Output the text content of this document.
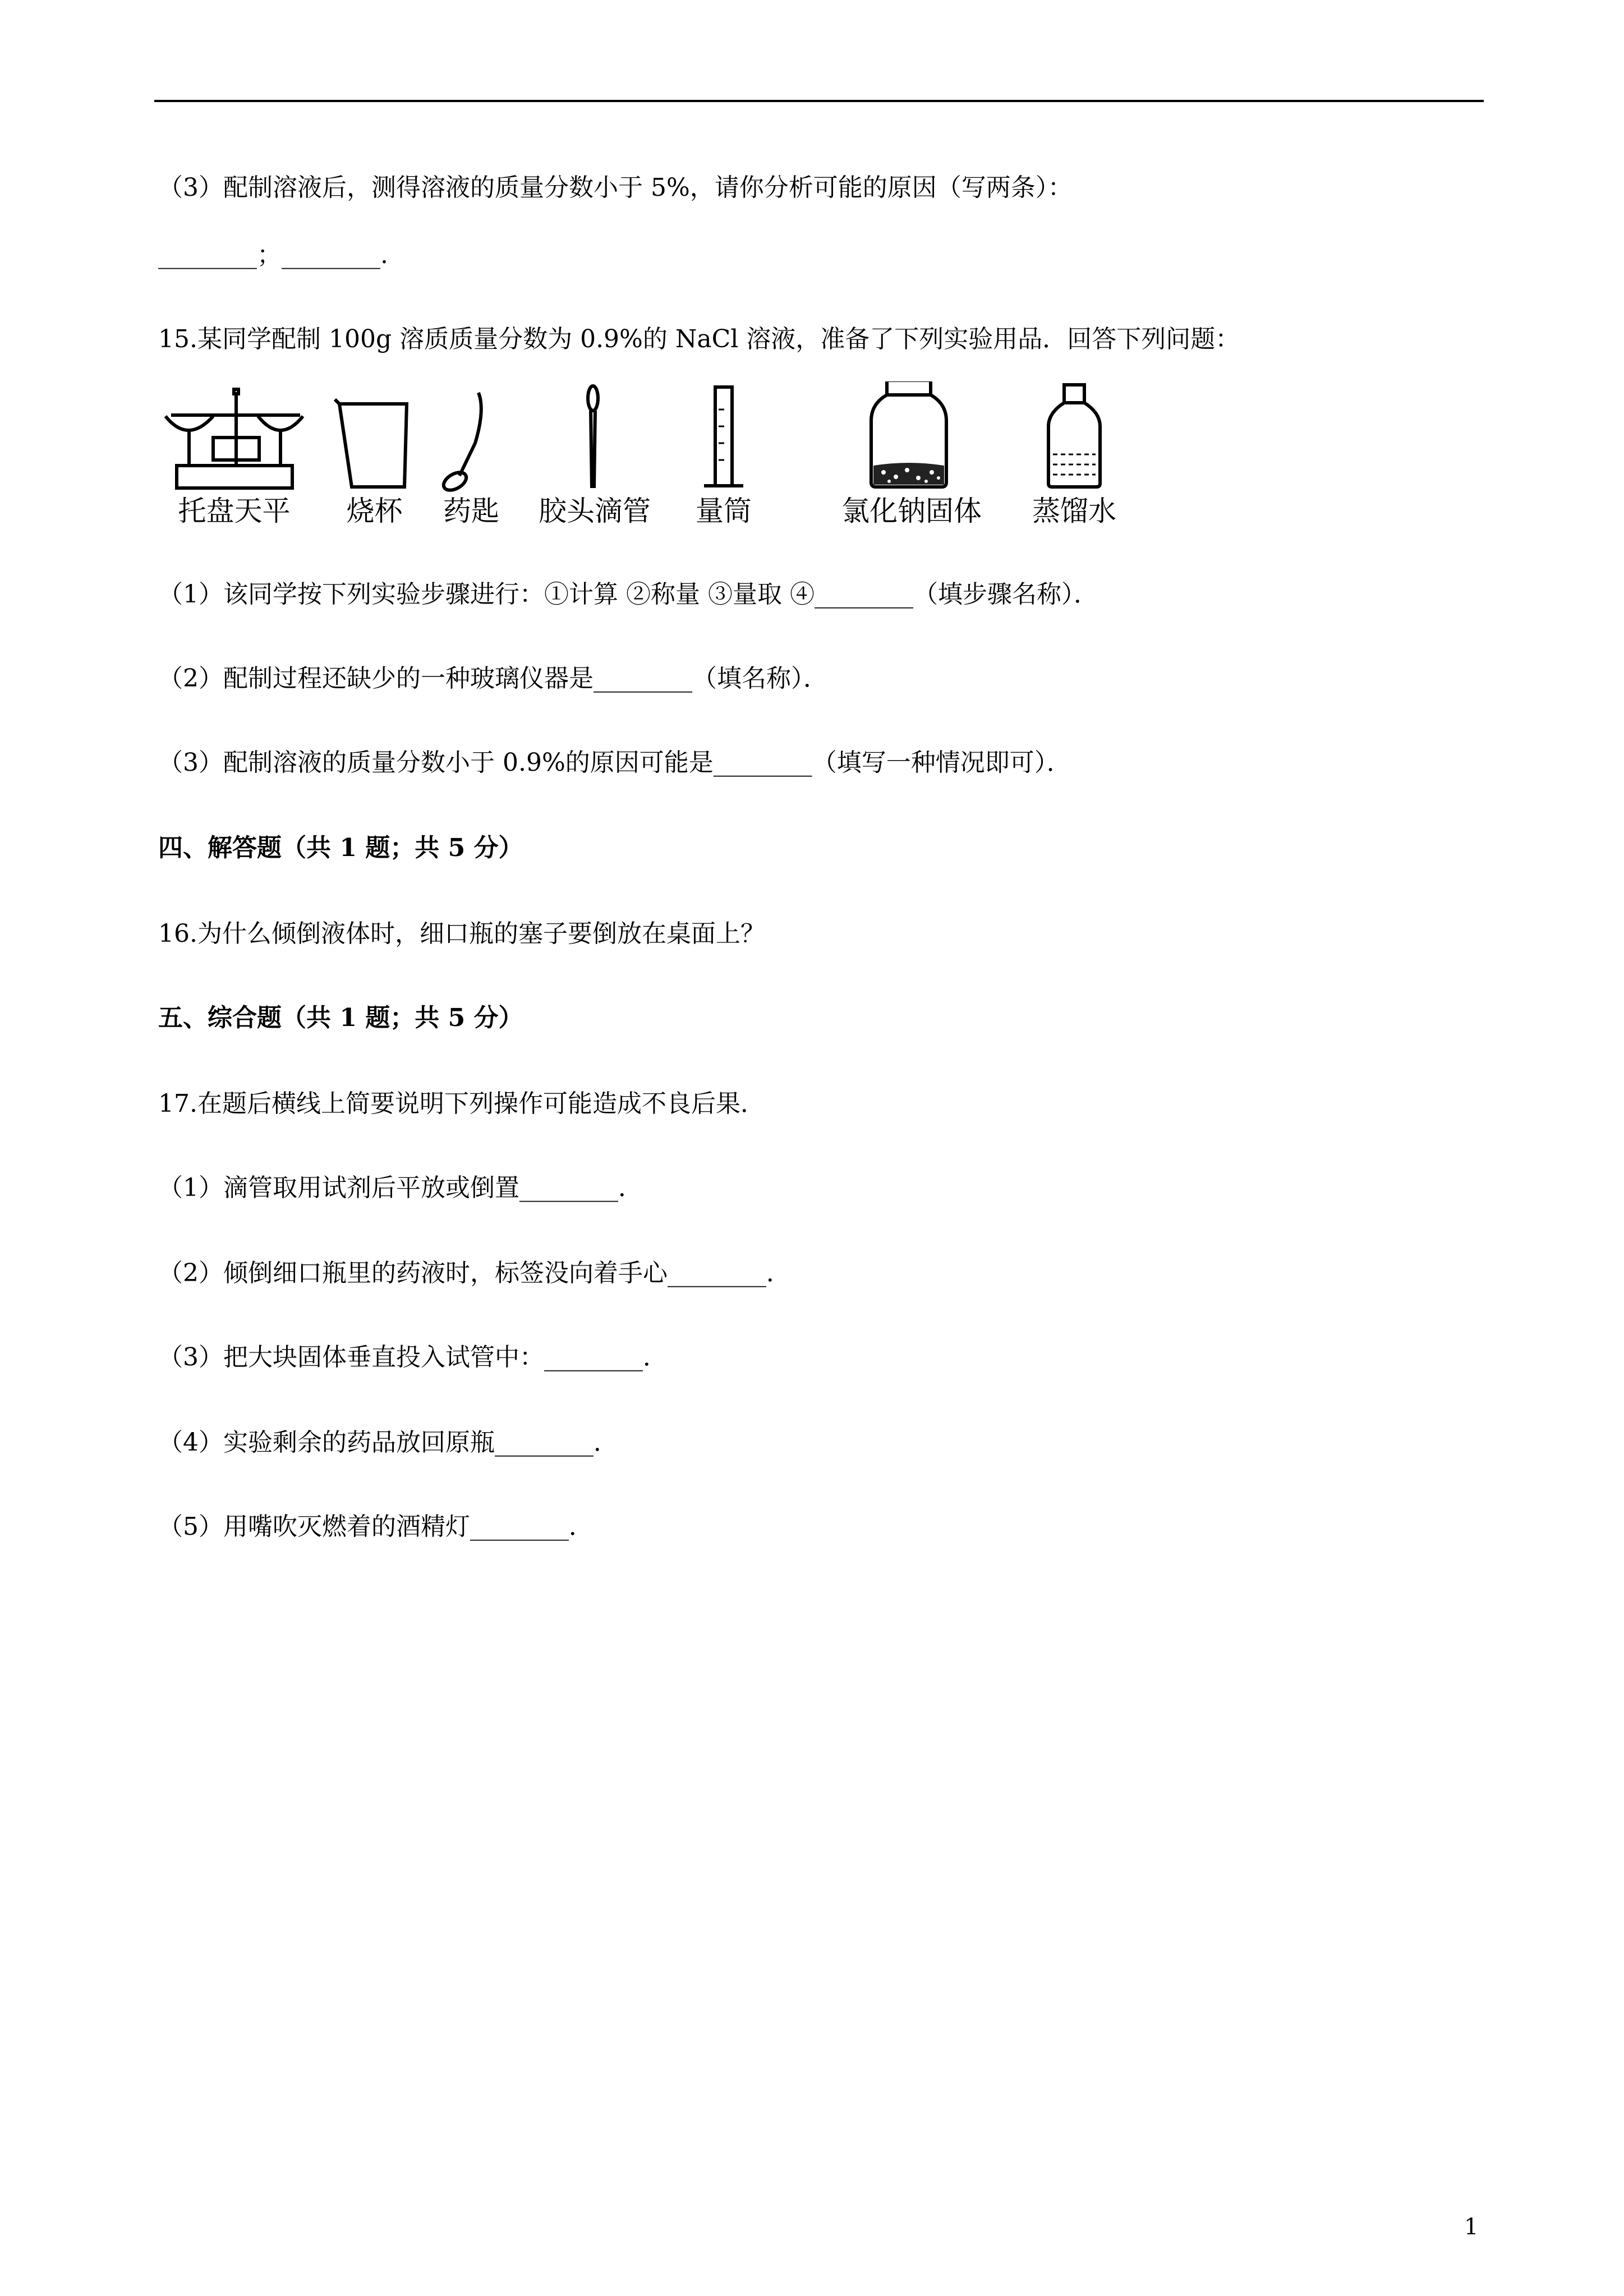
（3）配制溶液后，测得溶液的质量分数小于 5%，请你分析可能的原因（写两条）：
________；________.
15.某同学配制 100g 溶质质量分数为 0.9%的 NaCl 溶液，准备了下列实验用品．回答下列问题：
托盘天平	烧杯	药匙	胶头滴管	量筒	氯化钠固体	蒸馏水
（1）该同学按下列实验步骤进行：①计算 ②称量 ③量取 ④________（填步骤名称）．
（2）配制过程还缺少的一种玻璃仪器是________（填名称）．
（3）配制溶液的质量分数小于 0.9%的原因可能是________（填写一种情况即可）．
四、解答题（共 1 题；共 5 分）
16.为什么倾倒液体时，细口瓶的塞子要倒放在桌面上？
五、综合题（共 1 题；共 5 分）
17.在题后横线上简要说明下列操作可能造成不良后果．
（1）滴管取用试剂后平放或倒置________．
（2）倾倒细口瓶里的药液时，标签没向着手心________．
（3）把大块固体垂直投入试管中：________．
（4）实验剩余的药品放回原瓶________．
（5）用嘴吹灭燃着的酒精灯________．
1
